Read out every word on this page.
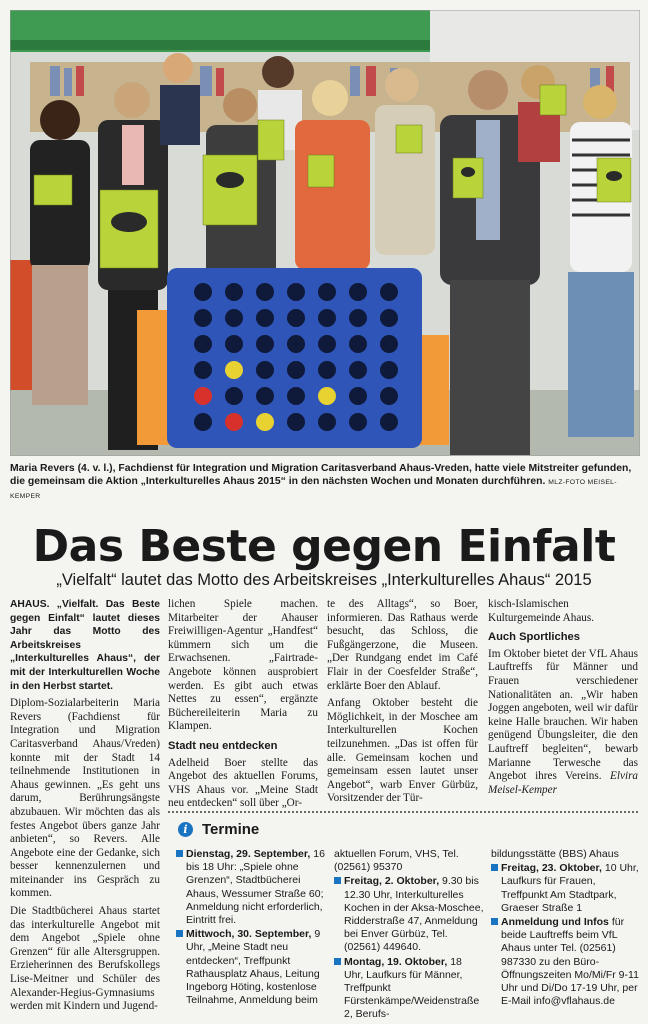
Maria Revers (4. v. l.), Fachdienst für Integration und Migration Caritasverband Ahaus-Vreden, hatte viele Mitstreiter gefunden, die gemeinsam die Aktion „Interkulturelles Ahaus 2015“ in den nächsten Wochen und Monaten durchführen. MLZ-FOTO MEISEL-KEMPER
Das Beste gegen Einfalt
„Vielfalt“ lautet das Motto des Arbeitskreises „Interkulturelles Ahaus“ 2015

AHAUS. „Vielfalt. Das Beste gegen Einfalt“ lautet dieses Jahr das Motto des Arbeitskreises „Interkulturelles Ahaus“, der mit der Interkulturellen Woche in den Herbst startet.

Diplom-Sozialarbeiterin Maria Revers (Fachdienst für Integration und Migration Caritasverband Ahaus/Vreden) konnte mit der Stadt 14 teilnehmende Institutionen in Ahaus gewinnen. „Es geht uns darum, Berührungsängste abzubauen. Wir möchten das als festes Angebot übers ganze Jahr anbieten“, so Revers. Alle Angebote eine der Gedanke, sich besser kennenzulernen und miteinander ins Gespräch zu kommen.

Die Stadtbücherei Ahaus startet das interkulturelle Angebot mit dem Angebot „Spiele ohne Grenzen“ für alle Altersgruppen. Erzieherinnen des Berufskollegs Lise-Meitner und Schüler des Alexander-Hegius-Gymnasiums werden mit Kindern und Jugend-

lichen Spiele machen. Mitarbeiter der Ahauser Freiwilligen-Agentur „Handfest“ kümmern sich um die Erwachsenen. „Fairtrade-Angebote können ausprobiert werden. Es gibt auch etwas Nettes zu essen“, ergänzte Büchereileiterin Maria zu Klampen.

Stadt neu entdecken

Adelheid Boer stellte das Angebot des aktuellen Forums, VHS Ahaus vor. „Meine Stadt neu entdecken“ soll über „Or-

te des Alltags“, so Boer, informieren. Das Rathaus werde besucht, das Schloss, die Fußgängerzone, die Museen. „Der Rundgang endet im Café Flair in der Coesfelder Straße“, erklärte Boer den Ablauf.

Anfang Oktober besteht die Möglichkeit, in der Moschee am Interkulturellen Kochen teilzunehmen. „Das ist offen für alle. Gemeinsam kochen und gemeinsam essen lautet unser Angebot“, warb Enver Gürbüz, Vorsitzender der Tür-

kisch-Islamischen Kulturgemeinde Ahaus.

Auch Sportliches

Im Oktober bietet der VfL Ahaus Lauftreffs für Männer und Frauen verschiedener Nationalitäten an. „Wir haben Joggen angeboten, weil wir dafür keine Halle brauchen. Wir haben genügend Übungsleiter, die den Lauftreff begleiten“, bewarb Marianne Terwesche das Angebot ihres Vereins. Elvira Meisel-Kemper

i Termine

Dienstag, 29. September, 16 bis 18 Uhr: „Spiele ohne Grenzen“, Stadtbücherei Ahaus, Wessumer Straße 60; Anmeldung nicht erforderlich, Eintritt frei.

Mittwoch, 30. September, 9 Uhr, „Meine Stadt neu entdecken“, Treffpunkt Rathausplatz Ahaus, Leitung Ingeborg Höting, kostenlose Teilnahme, Anmeldung beim

aktuellen Forum, VHS, Tel. (02561) 95370

Freitag, 2. Oktober, 9.30 bis 12.30 Uhr, Interkulturelles Kochen in der Aksa-Moschee, Ridderstraße 47, Anmeldung bei Enver Gürbüz, Tel. (02561) 449640.

Montag, 19. Oktober, 18 Uhr, Laufkurs für Männer, Treffpunkt Fürstenkämpe/Weidenstraße 2, Berufs-

bildungsstätte (BBS) Ahaus

Freitag, 23. Oktober, 10 Uhr, Laufkurs für Frauen, Treffpunkt Am Stadtpark, Graeser Straße 1

Anmeldung und Infos für beide Lauftreffs beim VfL Ahaus unter Tel. (02561) 987330 zu den Büro-Öffnungszeiten Mo/Mi/Fr 9-11 Uhr und Di/Do 17-19 Uhr, per E-Mail info@vflahaus.de
